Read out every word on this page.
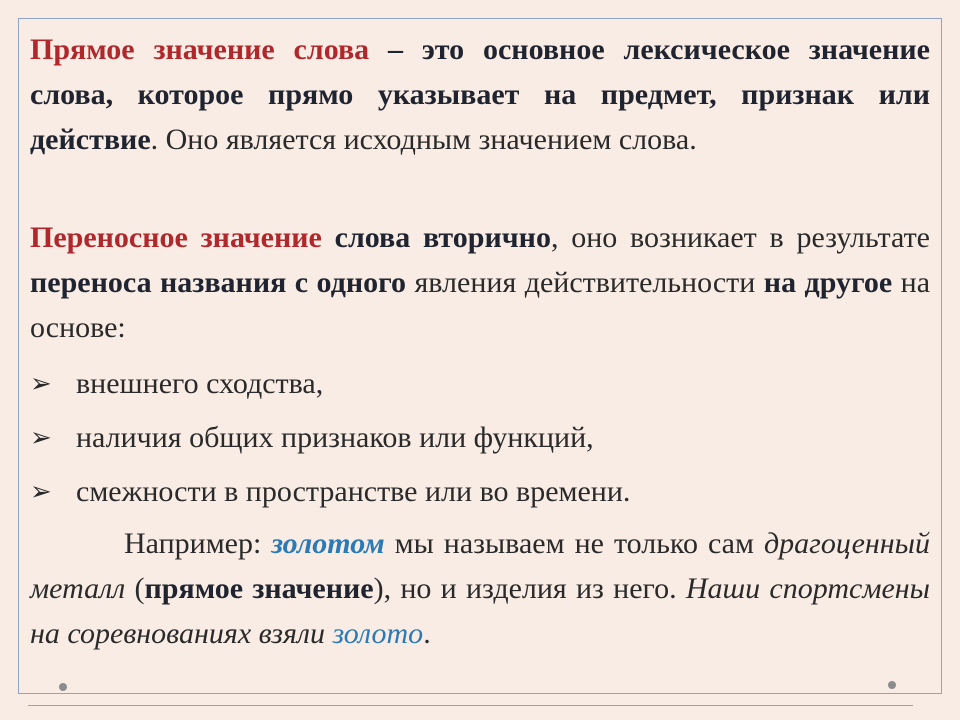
Прямое значение слова – это основное лексическое значение слова, которое прямо указывает на предмет, признак или действие. Оно является исходным значением слова.
Переносное значение слова вторично, оно возникает в результате переноса названия с одного явления действительности на другое на основе:
➢ внешнего сходства,
➢ наличия общих признаков или функций,
➢ смежности в пространстве или во времени.
Например: золотом мы называем не только сам драгоценный металл (прямое значение), но и изделия из него. Наши спортсмены на соревнованиях взяли золото.
